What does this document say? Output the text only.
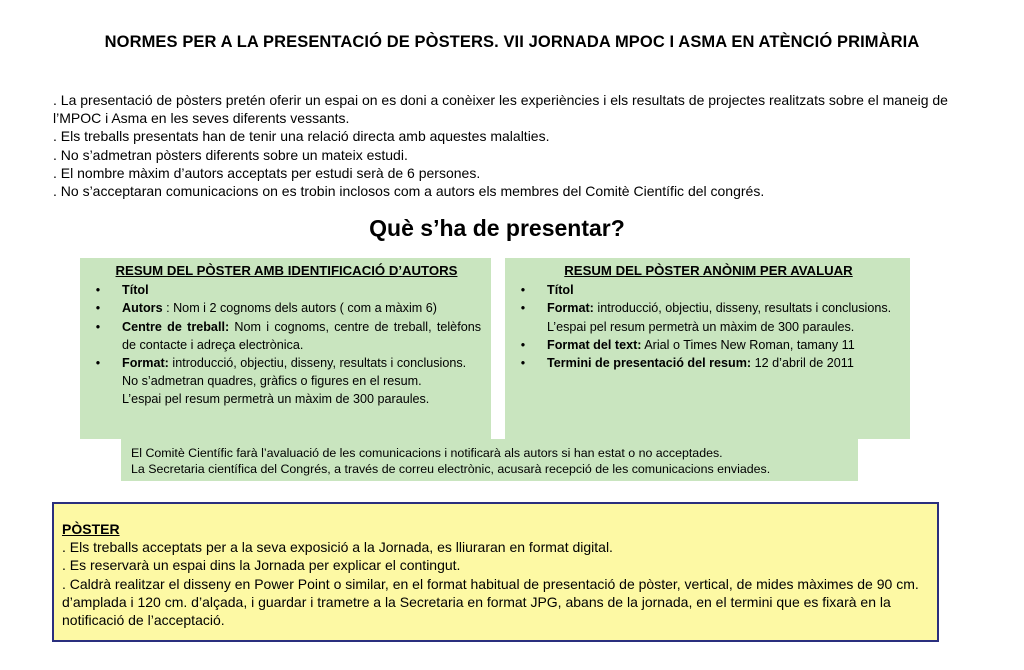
NORMES PER A LA PRESENTACIÓ DE PÒSTERS. VII JORNADA MPOC I ASMA EN ATÈNCIÓ PRIMÀRIA

. La presentació de pòsters pretén oferir un espai on es doni a conèixer les experiències i els resultats de projectes realitzats sobre el maneig de l’MPOC i Asma en les seves diferents vessants.

. Els treballs presentats han de tenir una relació directa amb aquestes malalties.

. No s’admetran pòsters diferents sobre un mateix estudi.

. El nombre màxim d’autors acceptats per estudi serà de 6 persones.

. No s’acceptaran comunicacions on es trobin inclosos com a autors els membres del Comitè Científic del congrés.

Què s’ha de presentar?
RESUM DEL PÒSTER AMB IDENTIFICACIÓ D’AUTORS
•	Títol
•	Autors : Nom i 2 cognoms dels autors ( com a màxim 6)
•	Centre de treball: Nom i cognoms, centre de treball, telèfons de contacte i adreça electrònica.
•	Format: introducció, objectiu, disseny, resultats i conclusions.
No s’admetran quadres, gràfics o figures en el resum.
L’espai pel resum permetrà un màxim de 300 paraules.
RESUM DEL PÒSTER ANÒNIM PER AVALUAR
•	Títol
•	Format: introducció, objectiu, disseny, resultats i conclusions.
L’espai pel resum permetrà un màxim de 300 paraules.
•	Format del text: Arial o Times New Roman, tamany 11
•	Termini de presentació del resum: 12 d’abril de 2011
El Comitè Científic farà l’avaluació de les comunicacions i notificarà als autors si han estat o no acceptades.
La Secretaria científica del Congrés, a través de correu electrònic, acusarà recepció de les comunicacions enviades.

PÒSTER

. Els treballs acceptats per a la seva exposició a la Jornada, es lliuraran en format digital.

. Es reservarà un espai dins la Jornada per explicar el contingut.

. Caldrà realitzar el disseny en Power Point o similar, en el format habitual de presentació de pòster, vertical, de mides màximes de 90 cm. d’amplada i 120 cm. d’alçada, i guardar i trametre a la Secretaria en format JPG, abans de la jornada, en el termini que es fixarà en la notificació de l’acceptació.
